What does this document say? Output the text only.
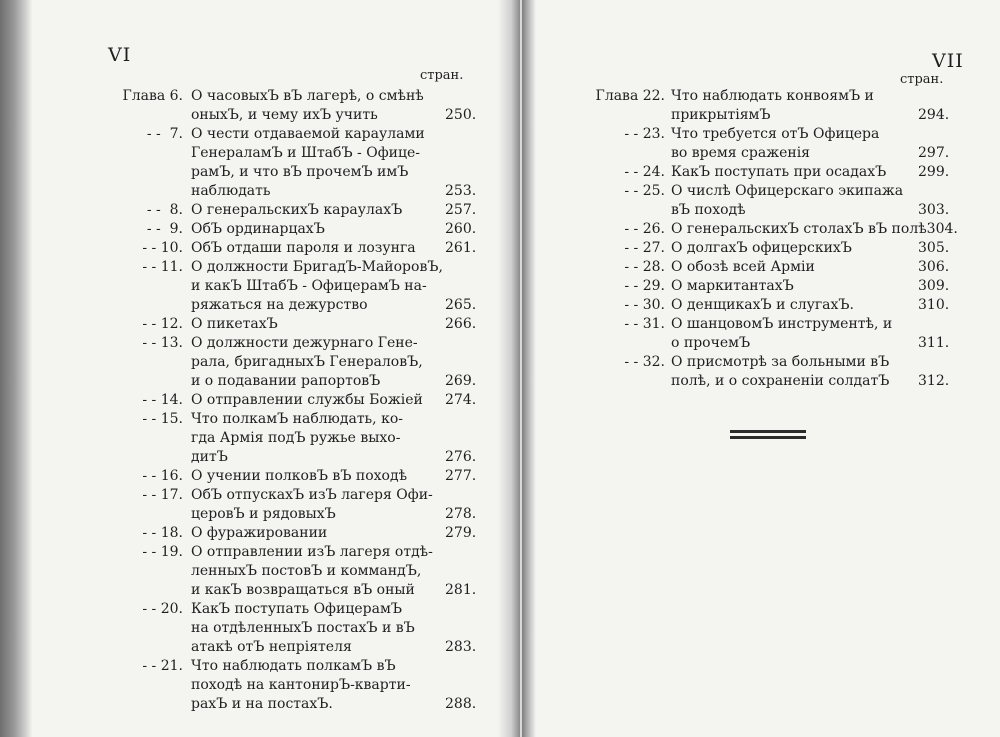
VI
стран.
Глава 6. О часовыхЪ вЪ лагерѣ, о смѣнѣ
оныхЪ, и чему ихЪ учить	250.
- -  7. О чести отдаваемой караулами
ГенераламЪ и ШтабЪ - Офице-
рамЪ, и что вЪ прочемЪ имЪ
наблюдать	253.
- -  8. О генеральскихЪ караулахЪ	257.
- -  9. ОбЪ ординарцахЪ	260.
- - 10. ОбЪ отдаши пароля и лозунга 261.
- - 11. О должности БригадЪ-МайоровЪ,
и какЪ ШтабЪ - ОфицерамЪ на-
ряжаться на дежурство	265.
- - 12. О пикетахЪ	266.
- - 13. О должности дежурнаго Гене-
рала, бригадныхЪ ГенераловЪ,
и о подавании рапортовЪ	269.
- - 14. О отправлении службы Божіей 274.
- - 15. Что полкамЪ наблюдать, ко-
гда Армія подЪ ружье выхо-
дитЪ	276.
- - 16. О учении полковЪ вЪ походѣ	277.
- - 17. ОбЪ отпускахЪ изЪ лагеря Офи-
церовЪ и рядовыхЪ	278.
- - 18. О фуражировании	279.
- - 19. О отправлении изЪ лагеря отдѣ-
ленныхЪ постовЪ и коммандЪ,
и какЪ возвращаться вЪ оный 281.
- - 20. КакЪ поступать ОфицерамЪ
на отдѣленныхЪ постахЪ и вЪ
атакѣ отЪ непріятеля	283.
- - 21. Что наблюдать полкамЪ вЪ
походѣ на кантонирЪ-кварти-
рахЪ и на постахЪ.	288.
VII
стран.
Глава 22. Что наблюдать конвоямЪ и
прикрытіямЪ	294.
- - 23. Что требуется отЪ Офицера
во время сраженія	297.
- - 24. КакЪ поступать при осадахЪ 299.
- - 25. О числѣ Офицерскаго экипажа
вЪ походѣ	303.
- - 26. О генеральскихЪ столахЪ вЪ полѣ 304.
- - 27. О долгахЪ офицерскихЪ	305.
- - 28. О обозѣ всей Арміи	306.
- - 29. О маркитантахЪ	309.
- - 30. О денщикахЪ и слугахЪ.	310.
- - 31. О шанцовомЪ инструментѣ, и
о прочемЪ	311.
- - 32. О присмотрѣ за больными вЪ
полѣ, и о сохраненіи солдатЪ 312.
